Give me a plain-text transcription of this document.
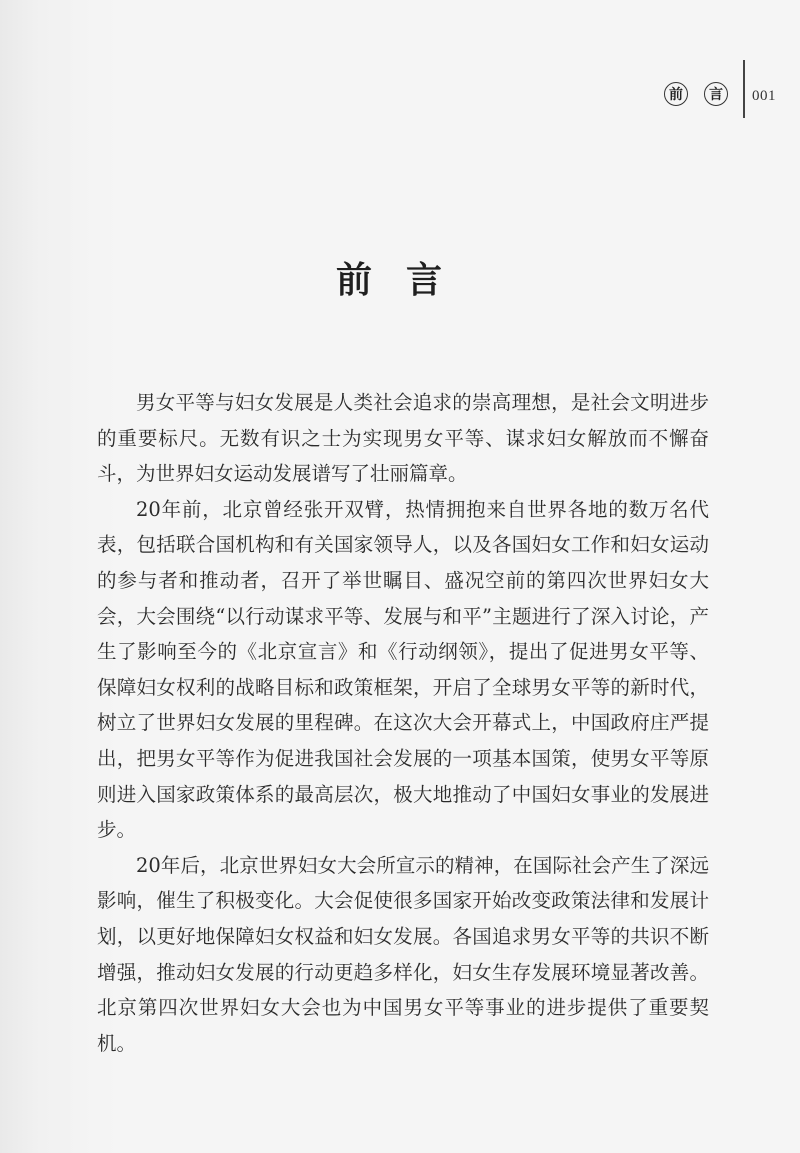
前	言	001
前言

男女平等与妇女发展是人类社会追求的崇高理想，是社会文明进步的重要标尺。无数有识之士为实现男女平等、谋求妇女解放而不懈奋斗，为世界妇女运动发展谱写了壮丽篇章。

20年前，北京曾经张开双臂，热情拥抱来自世界各地的数万名代表，包括联合国机构和有关国家领导人，以及各国妇女工作和妇女运动的参与者和推动者，召开了举世瞩目、盛况空前的第四次世界妇女大会，大会围绕“以行动谋求平等、发展与和平”主题进行了深入讨论，产生了影响至今的《北京宣言》和《行动纲领》，提出了促进男女平等、保障妇女权利的战略目标和政策框架，开启了全球男女平等的新时代，树立了世界妇女发展的里程碑。在这次大会开幕式上，中国政府庄严提出，把男女平等作为促进我国社会发展的一项基本国策，使男女平等原则进入国家政策体系的最高层次，极大地推动了中国妇女事业的发展进步。

20年后，北京世界妇女大会所宣示的精神，在国际社会产生了深远影响，催生了积极变化。大会促使很多国家开始改变政策法律和发展计划，以更好地保障妇女权益和妇女发展。各国追求男女平等的共识不断增强，推动妇女发展的行动更趋多样化，妇女生存发展环境显著改善。北京第四次世界妇女大会也为中国男女平等事业的进步提供了重要契机。
